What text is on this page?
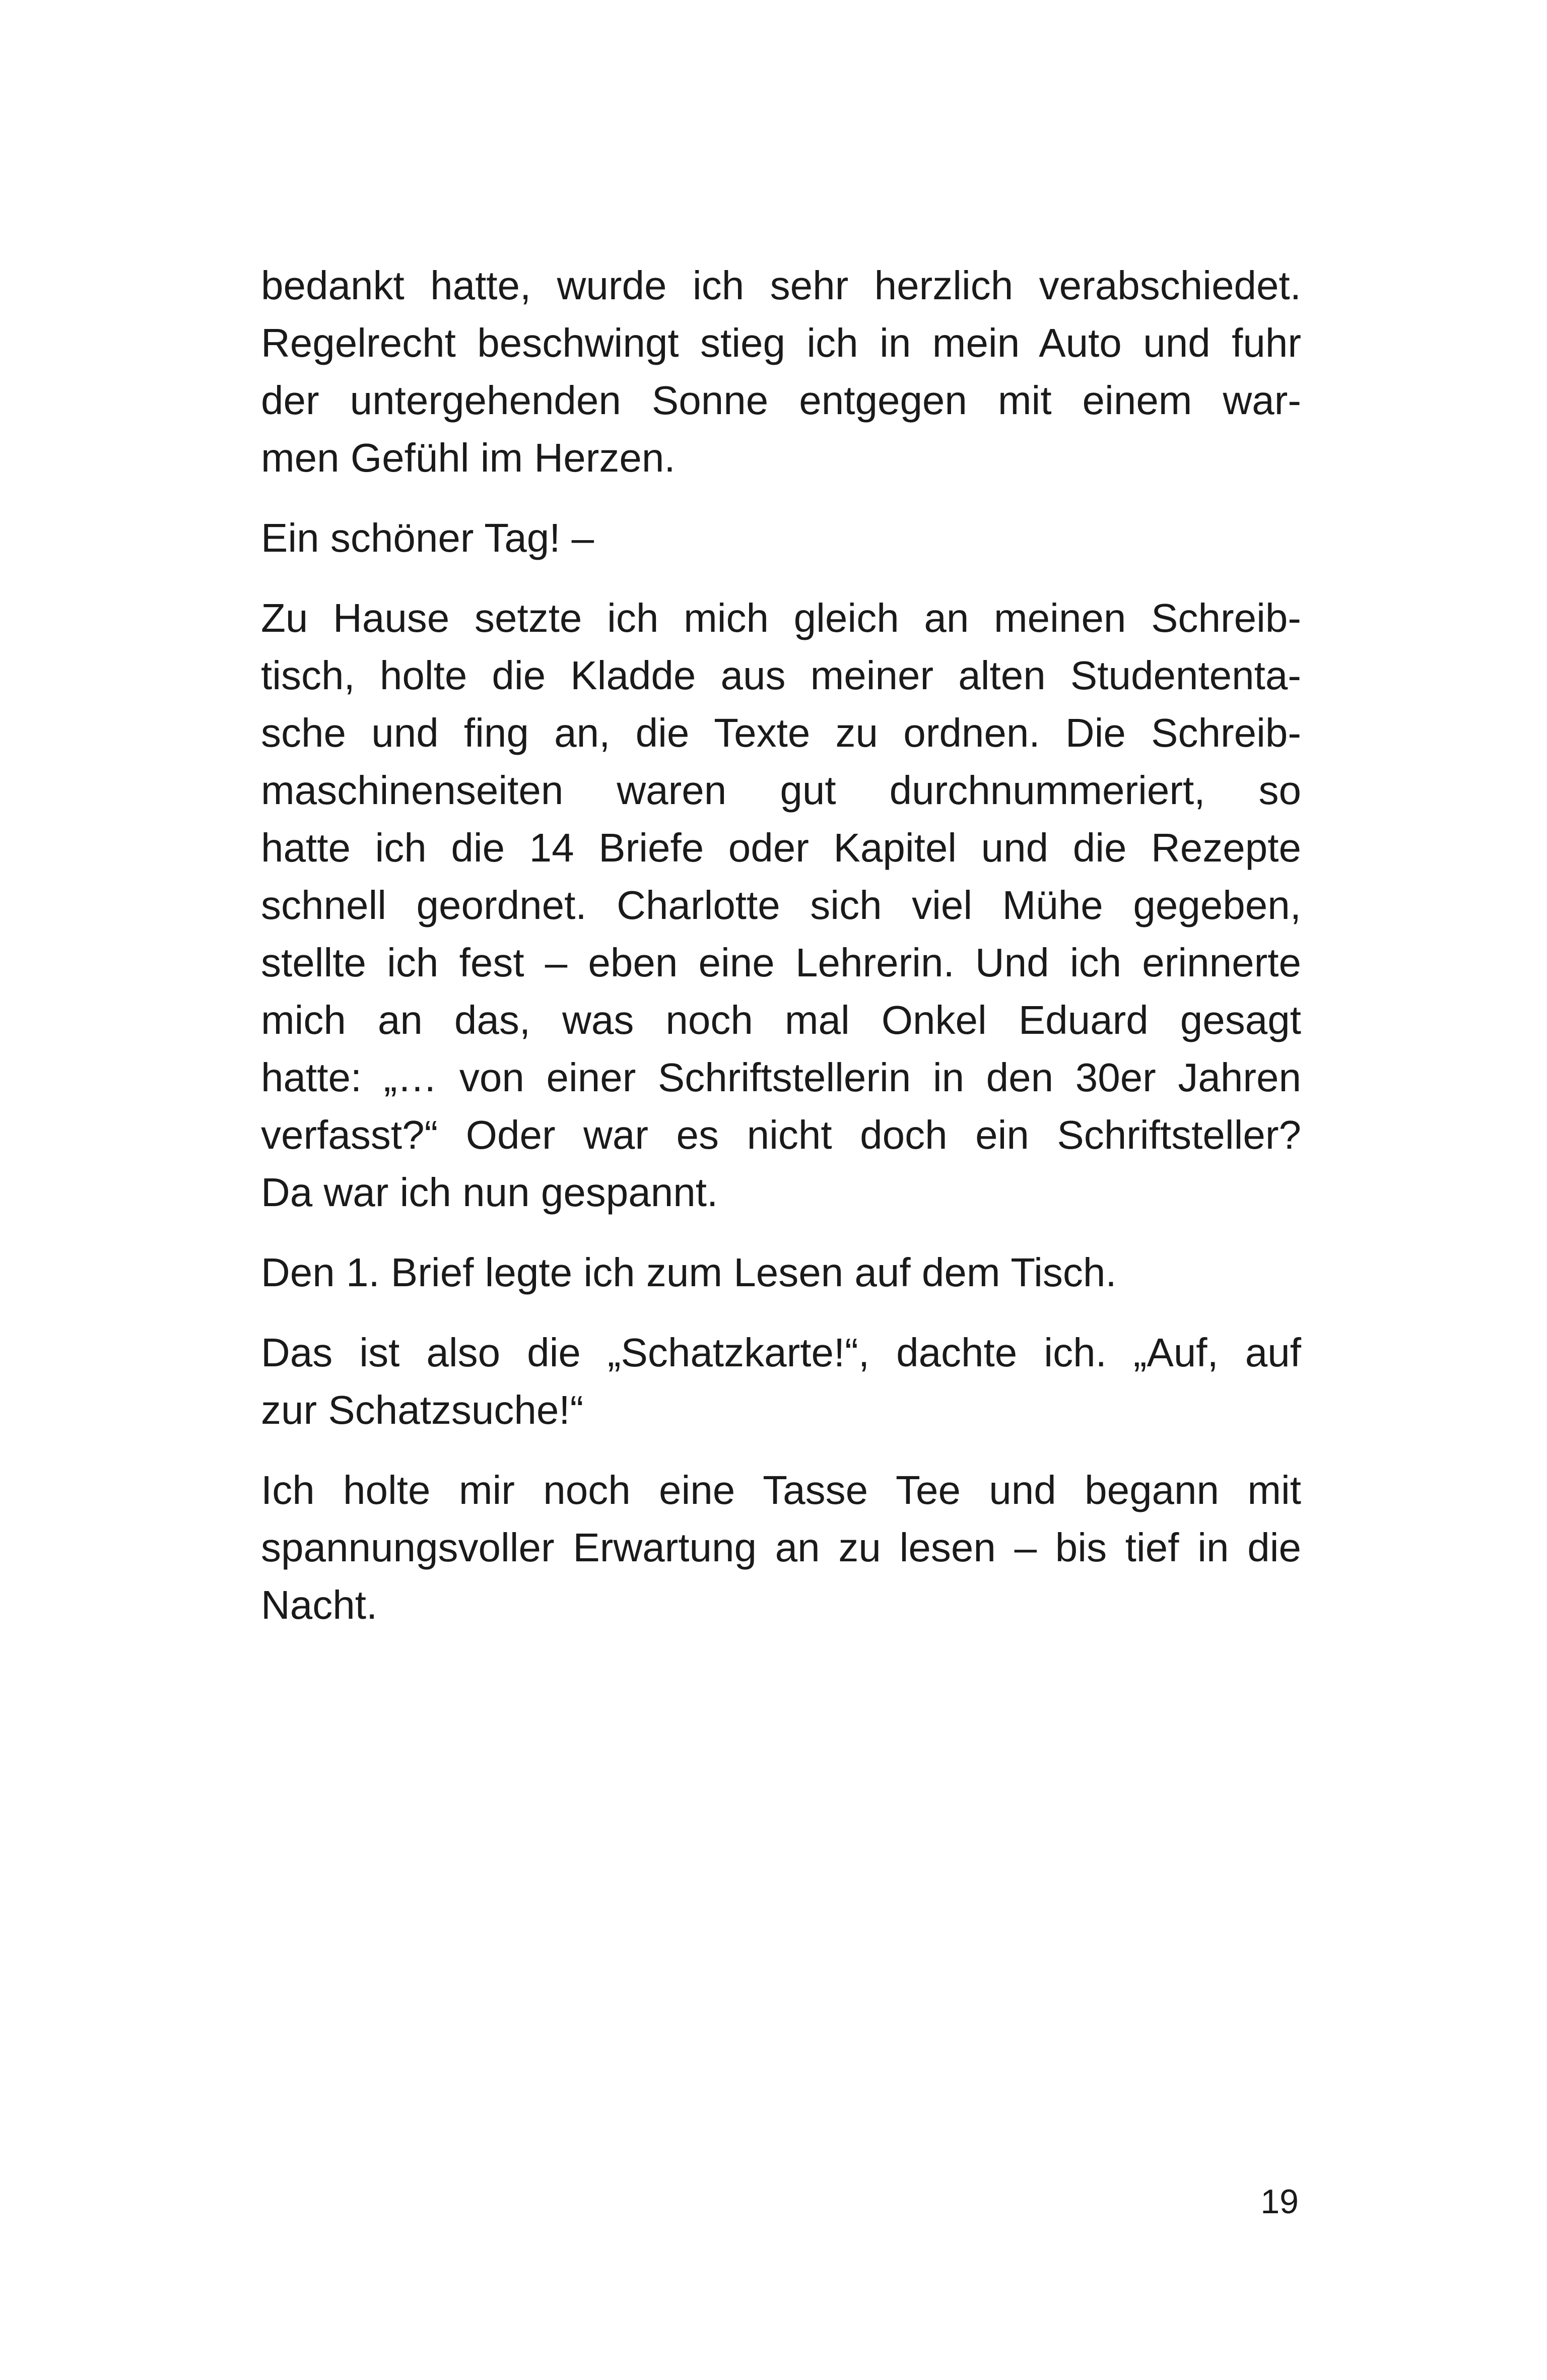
bedankt hatte, wurde ich sehr herzlich verabschiedet.
Regelrecht beschwingt stieg ich in mein Auto und fuhr
der untergehenden Sonne entgegen mit einem war-
men Gefühl im Herzen.

Ein schöner Tag! –

Zu Hause setzte ich mich gleich an meinen Schreib-
tisch, holte die Kladde aus meiner alten Studententa-
sche und fing an, die Texte zu ordnen. Die Schreib-
maschinenseiten waren gut durchnummeriert, so
hatte ich die 14 Briefe oder Kapitel und die Rezepte
schnell geordnet. Charlotte sich viel Mühe gegeben,
stellte ich fest – eben eine Lehrerin. Und ich erinnerte
mich an das, was noch mal Onkel Eduard gesagt
hatte: „… von einer Schriftstellerin in den 30er Jahren
verfasst?“ Oder war es nicht doch ein Schriftsteller?
Da war ich nun gespannt.

Den 1. Brief legte ich zum Lesen auf dem Tisch.

Das ist also die „Schatzkarte!“, dachte ich. „Auf, auf
zur Schatzsuche!“

Ich holte mir noch eine Tasse Tee und begann mit
spannungsvoller Erwartung an zu lesen – bis tief in die
Nacht.

19
